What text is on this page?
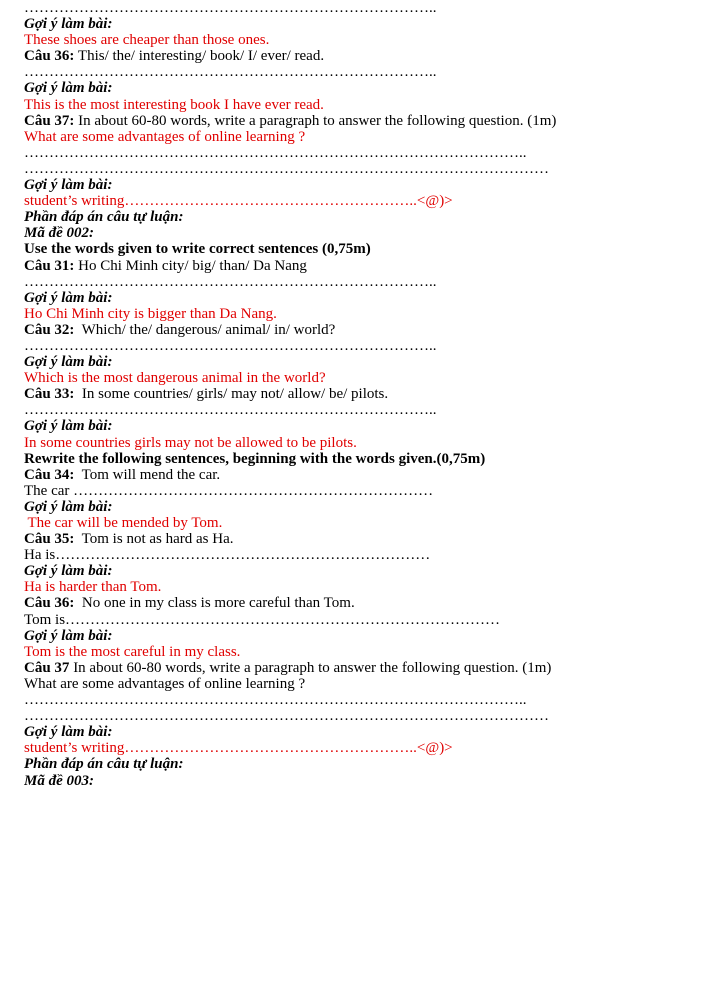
………………………………………………………………………..
Gợi ý làm bài:
These shoes are cheaper than those ones.
Câu 36: This/ the/ interesting/ book/ I/ ever/ read.
………………………………………………………………………..
Gợi ý làm bài:
This is the most interesting book I have ever read.
Câu 37: In about 60-80 words, write a paragraph to answer the following question. (1m)
What are some advantages of online learning ?
………………………………………………………………………………………..
……………………………………………………………………………………………
Gợi ý làm bài:
student’s writing…………………………………………………..<@)>
Phần đáp án câu tự luận:
Mã đề 002:
Use the words given to write correct sentences (0,75m)
Câu 31: Ho Chi Minh city/ big/ than/ Da Nang
………………………………………………………………………..
Gợi ý làm bài:
Ho Chi Minh city is bigger than Da Nang.
Câu 32:  Which/ the/ dangerous/ animal/ in/ world?
………………………………………………………………………..
Gợi ý làm bài:
Which is the most dangerous animal in the world?
Câu 33:  In some countries/ girls/ may not/ allow/ be/ pilots.
………………………………………………………………………..
Gợi ý làm bài:
In some countries girls may not be allowed to be pilots.
Rewrite the following sentences, beginning with the words given.(0,75m)
Câu 34:  Tom will mend the car.
The car ………………………………………………………………
Gợi ý làm bài:
The car will be mended by Tom.
Câu 35:  Tom is not as hard as Ha.
Ha is…………………………………………………………………
Gợi ý làm bài:
Ha is harder than Tom.
Câu 36:  No one in my class is more careful than Tom.
Tom is……………………………………………………………………………
Gợi ý làm bài:
Tom is the most careful in my class.
Câu 37 In about 60-80 words, write a paragraph to answer the following question. (1m)
What are some advantages of online learning ?
………………………………………………………………………………………..
……………………………………………………………………………………………
Gợi ý làm bài:
student’s writing…………………………………………………..<@)>
Phần đáp án câu tự luận:
Mã đề 003:
